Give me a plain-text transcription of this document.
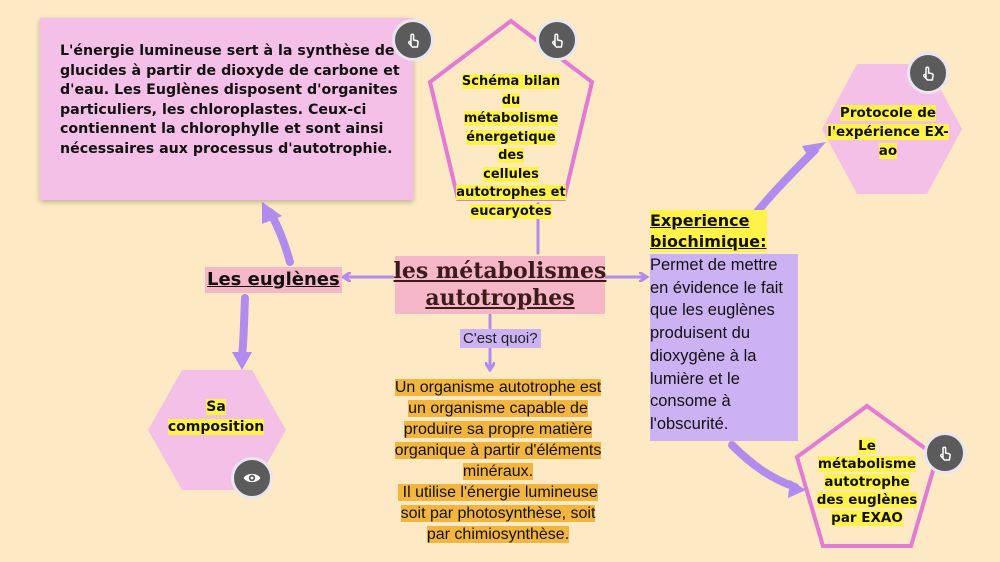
L'énergie lumineuse sert à la synthèse de
glucides à partir de dioxyde de carbone et
d'eau. Les Euglènes disposent d'organites
particuliers, les chloroplastes. Ceux-ci
contiennent la chlorophylle et sont ainsi
nécessaires aux processus d'autotrophie.
Schéma bilan du
métabolisme
énergetique des
cellules
autotrophes et
eucaryotes
les métabolismes
autotrophes
C'est quoi?
Un organisme autotrophe est
un organisme capable de
produire sa propre matière
organique à partir d'éléments
minéraux.
Il utilise l'énergie lumineuse
soit par photosynthèse, soit
par chimiosynthèse.
Les euglènes
Sa
composition
Experience
biochimique:
Permet de mettre
en évidence le fait
que les euglènes
produisent du
dioxygène à la
lumière et le
consome à
l'obscurité.
Protocole de
l'expérience EX-
ao
Le
métabolisme
autotrophe
des euglènes
par EXAO
